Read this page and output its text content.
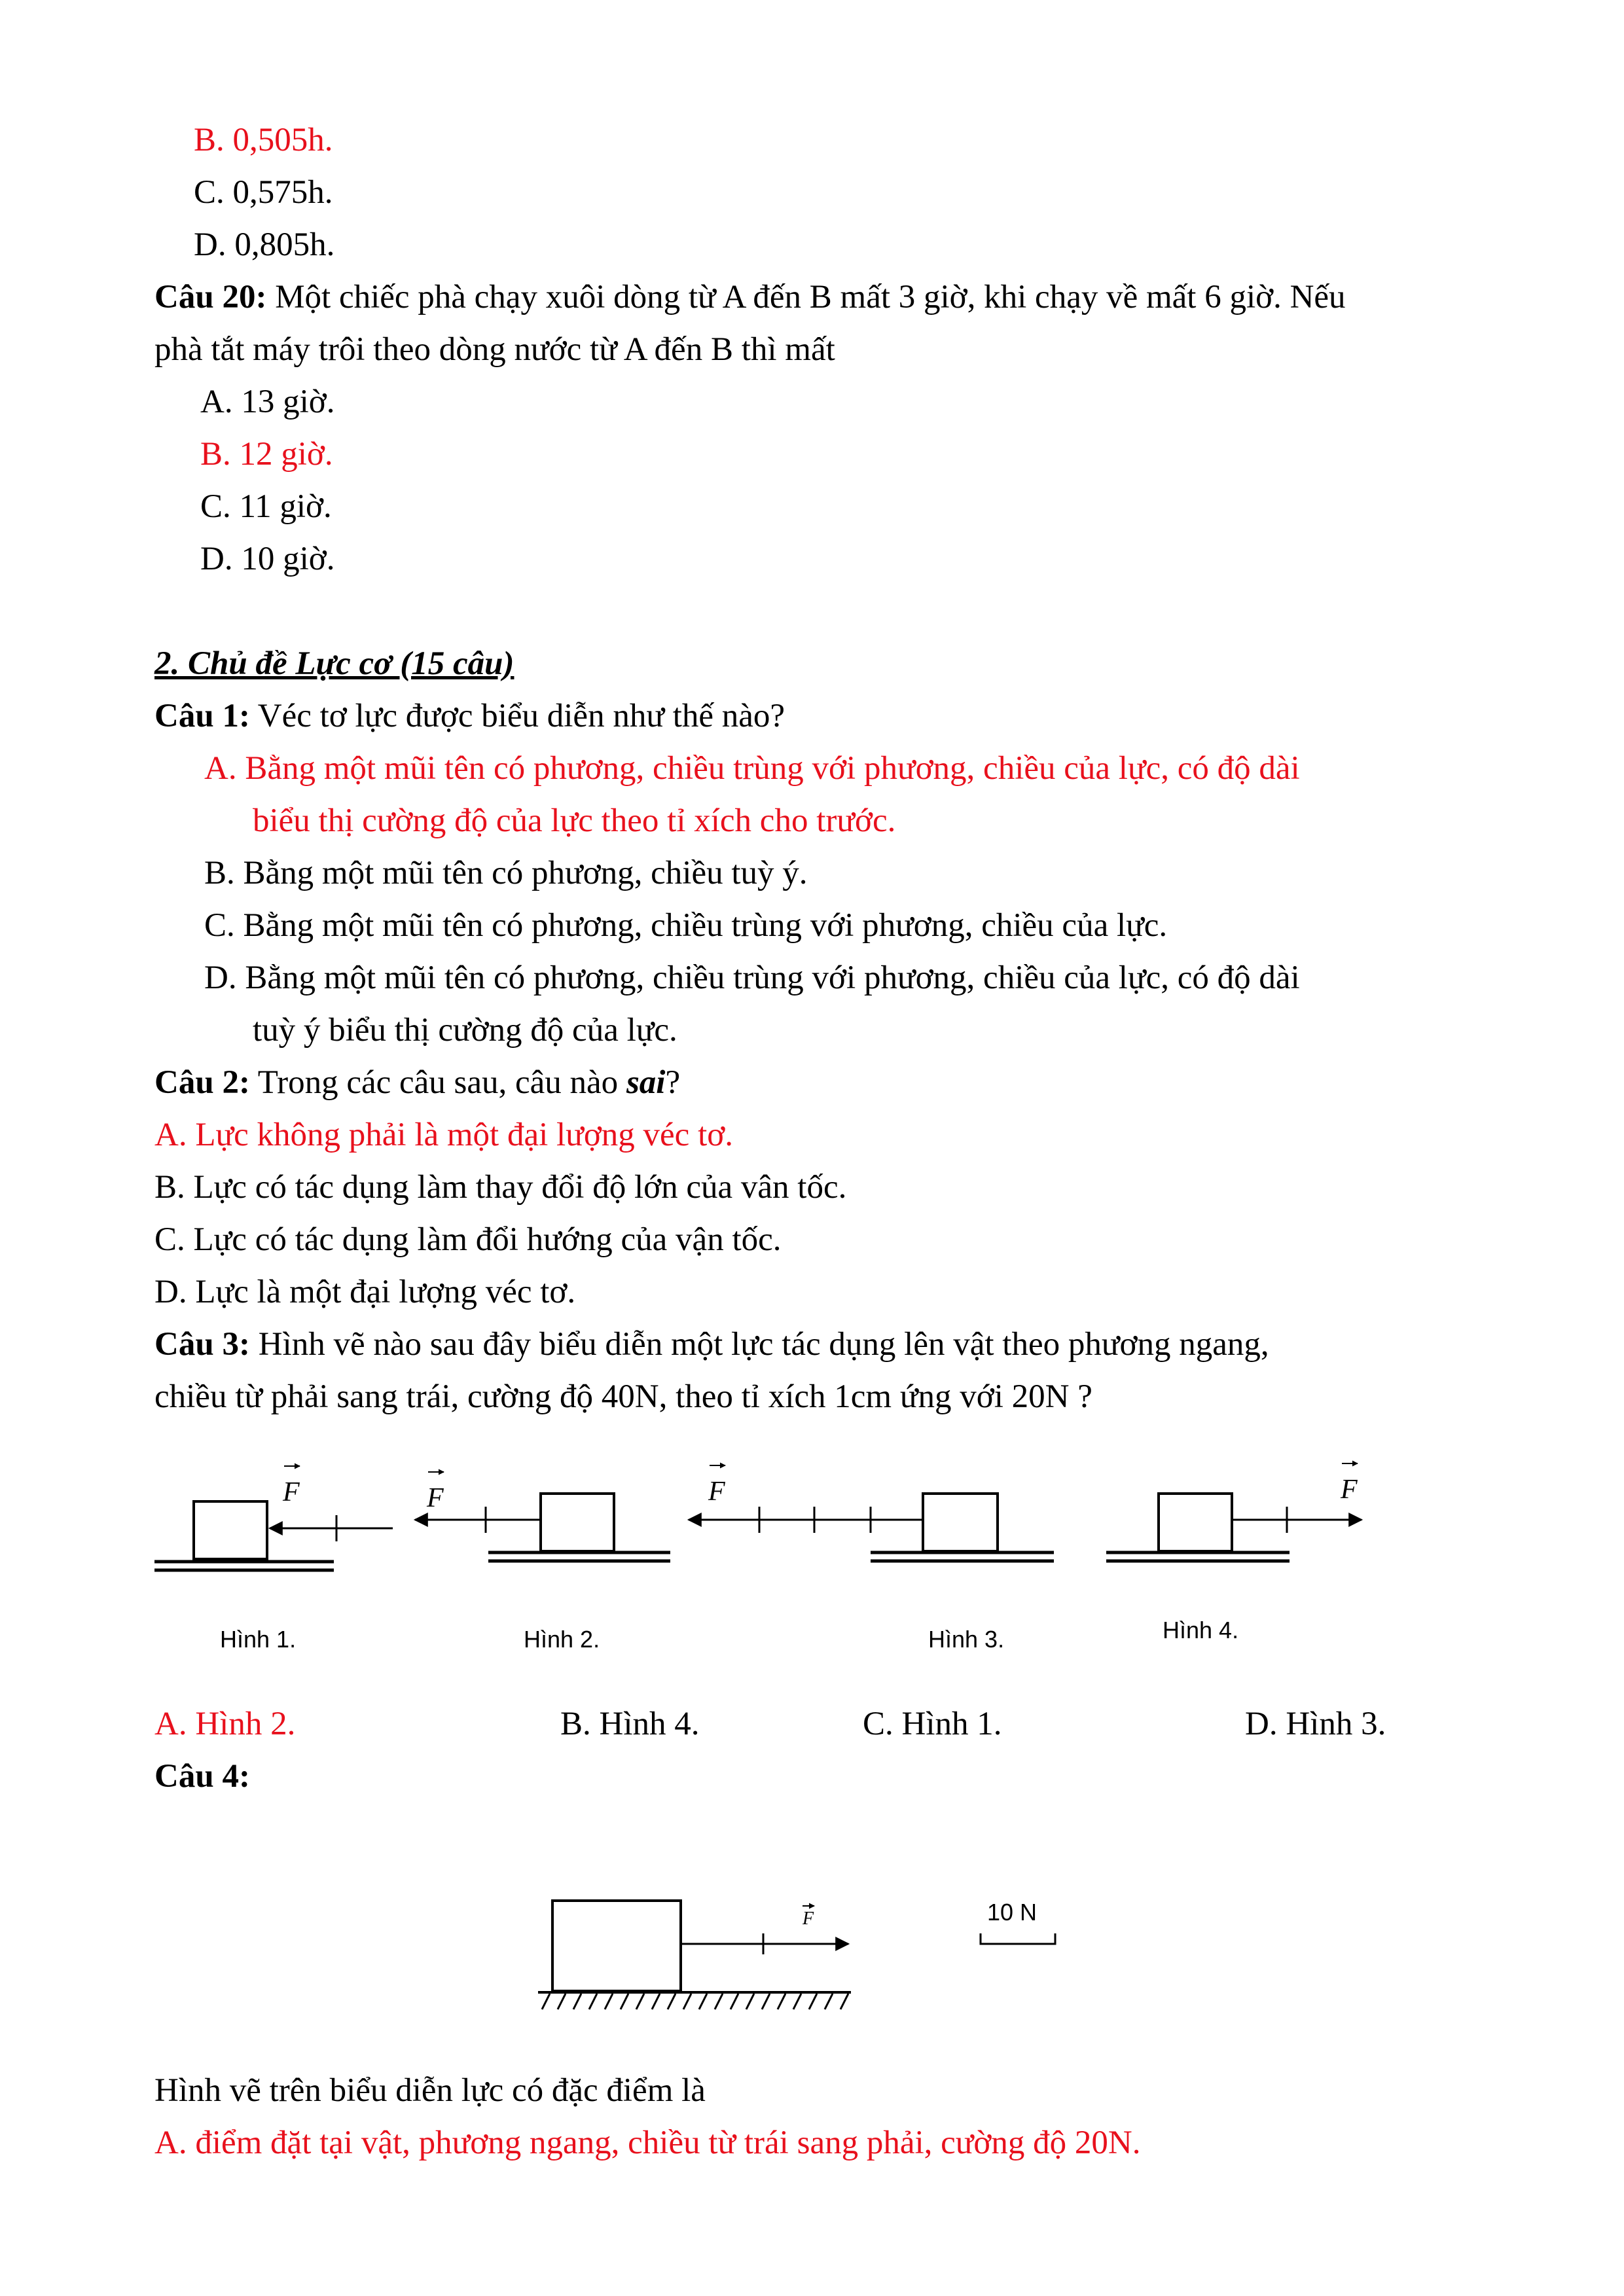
B. 0,505h.
C. 0,575h.
D. 0,805h.
Câu 20: Một chiếc phà chạy xuôi dòng từ A đến B mất 3 giờ, khi chạy về mất 6 giờ. Nếu
phà tắt máy trôi theo dòng nước từ A đến B thì mất
A. 13 giờ.
B. 12 giờ.
C. 11 giờ.
D. 10 giờ.
2. Chủ đề Lực cơ (15 câu)
Câu 1: Véc tơ lực được biểu diễn như thế nào?
A. Bằng một mũi tên có phương, chiều trùng với phương, chiều của lực, có độ dài
biểu thị cường độ của lực theo tỉ xích cho trước.
B. Bằng một mũi tên có phương, chiều tuỳ ý.
C. Bằng một mũi tên có phương, chiều trùng với phương, chiều của lực.
D. Bằng một mũi tên có phương, chiều trùng với phương, chiều của lực, có độ dài
tuỳ ý biểu thị cường độ của lực.
Câu 2: Trong các câu sau, câu nào sai?
A. Lực không phải là một đại lượng véc tơ.
B. Lực có tác dụng làm thay đổi độ lớn của vân tốc.
C. Lực có tác dụng làm đổi hướng của vận tốc.
D. Lực là một đại lượng véc tơ.
Câu 3: Hình vẽ nào sau đây biểu diễn một lực tác dụng lên vật theo phương ngang,
chiều từ phải sang trái, cường độ 40N, theo tỉ xích 1cm ứng với 20N ?
F	F	F	F
Hình 1.	Hình 2.	Hình 3.	Hình 4.
A. Hình 2.	B. Hình 4.	C. Hình 1.	D. Hình 3.
Câu 4:
F	10 N
Hình vẽ trên biểu diễn lực có đặc điểm là
A. điểm đặt tại vật, phương ngang, chiều từ trái sang phải, cường độ 20N.
